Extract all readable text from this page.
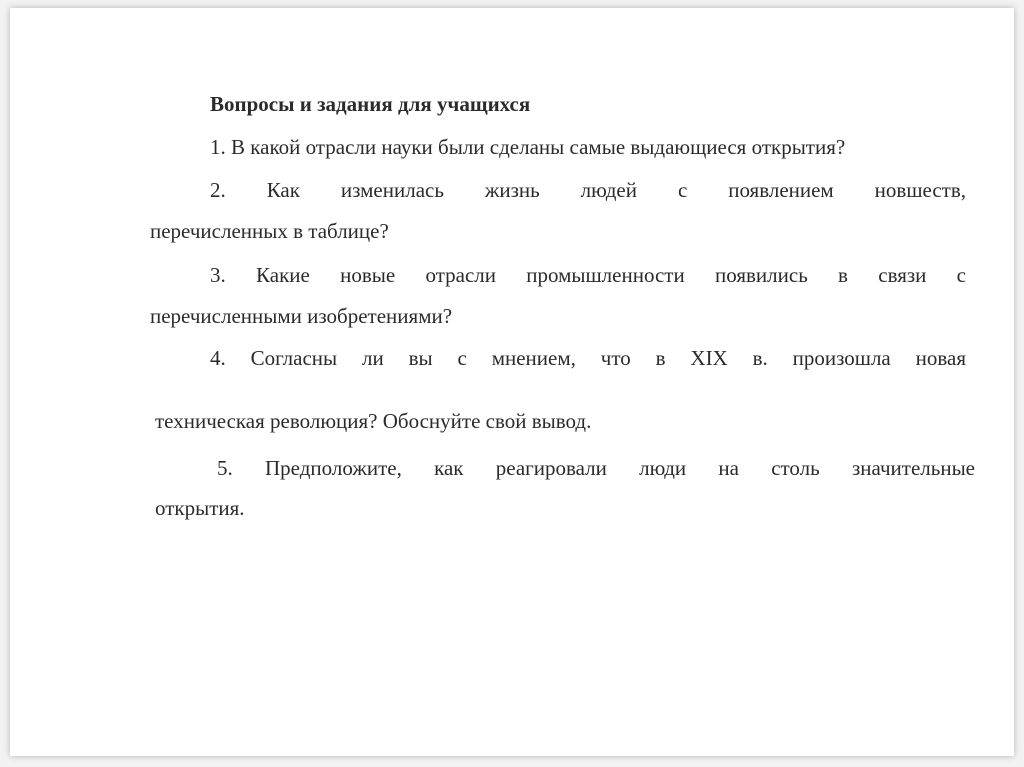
Вопросы и задания для учащихся

1. В какой отрасли науки были сделаны самые выдающиеся открытия?

2. Как изменилась жизнь людей с появлением новшеств,

перечисленных в таблице?

3. Какие новые отрасли промышленности появились в связи с

перечисленными изобретениями?

4. Согласны ли вы с мнением, что в XIX в. произошла новая

техническая революция? Обоснуйте свой вывод.

5. Предположите, как реагировали люди на столь значительные

открытия.
